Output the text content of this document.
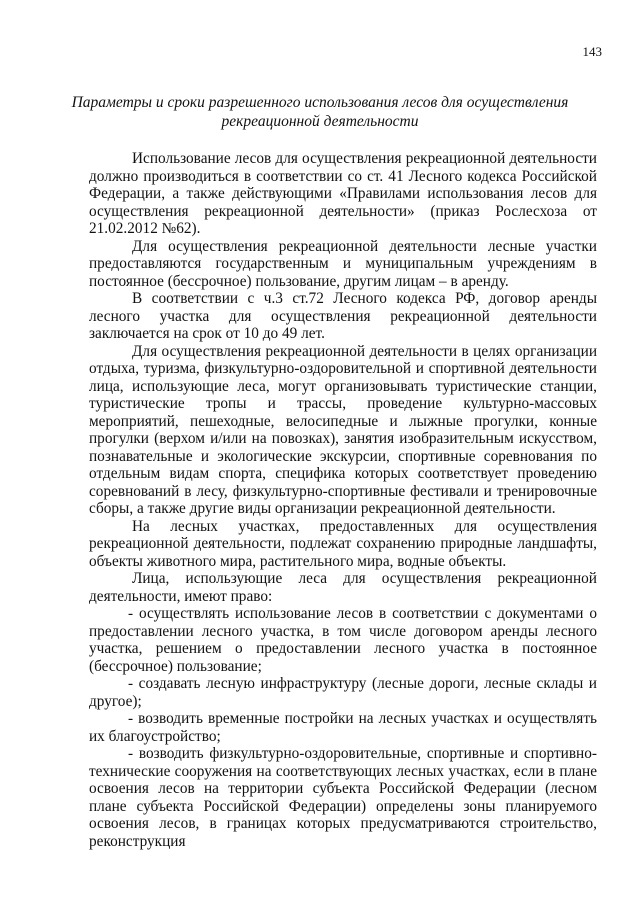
143
Параметры и сроки разрешенного использования лесов для осуществления рекреационной деятельности

Использование лесов для осуществления рекреационной деятельности должно производиться в соответствии со ст. 41 Лесного кодекса Российской Федерации, а также действующими «Правилами использования лесов для осуществления рекреационной деятельности» (приказ Рослесхоза от 21.02.2012 №62).

Для осуществления рекреационной деятельности лесные участки предоставляются государственным и муниципальным учреждениям в постоянное (бессрочное) пользование, другим лицам – в аренду.

В соответствии с ч.3 ст.72 Лесного кодекса РФ, договор аренды лесного участка для осуществления рекреационной деятельности заключается на срок от 10 до 49 лет.

Для осуществления рекреационной деятельности в целях организации отдыха, туризма, физкультурно-оздоровительной и спортивной деятельности лица, использующие леса, могут организовывать туристические станции, туристические тропы и трассы, проведение культурно-массовых мероприятий, пешеходные, велосипедные и лыжные прогулки, конные прогулки (верхом и/или на повозках), занятия изобразительным искусством, познавательные и экологические экскурсии, спортивные соревнования по отдельным видам спорта, специфика которых соответствует проведению соревнований в лесу, физкультурно-спортивные фестивали и тренировочные сборы, а также другие виды организации рекреационной деятельности.

На лесных участках, предоставленных для осуществления рекреационной деятельности, подлежат сохранению природные ландшафты, объекты животного мира, растительного мира, водные объекты.

Лица, использующие леса для осуществления рекреационной деятельности, имеют право:

- осуществлять использование лесов в соответствии с документами о предоставлении лесного участка, в том числе договором аренды лесного участка, решением о предоставлении лесного участка в постоянное (бессрочное) пользование;

- создавать лесную инфраструктуру (лесные дороги, лесные склады и другое);

- возводить временные постройки на лесных участках и осуществлять их благоустройство;

- возводить физкультурно-оздоровительные, спортивные и спортивно-технические сооружения на соответствующих лесных участках, если в плане освоения лесов на территории субъекта Российской Федерации (лесном плане субъекта Российской Федерации) определены зоны планируемого освоения лесов, в границах которых предусматриваются строительство, реконструкция
